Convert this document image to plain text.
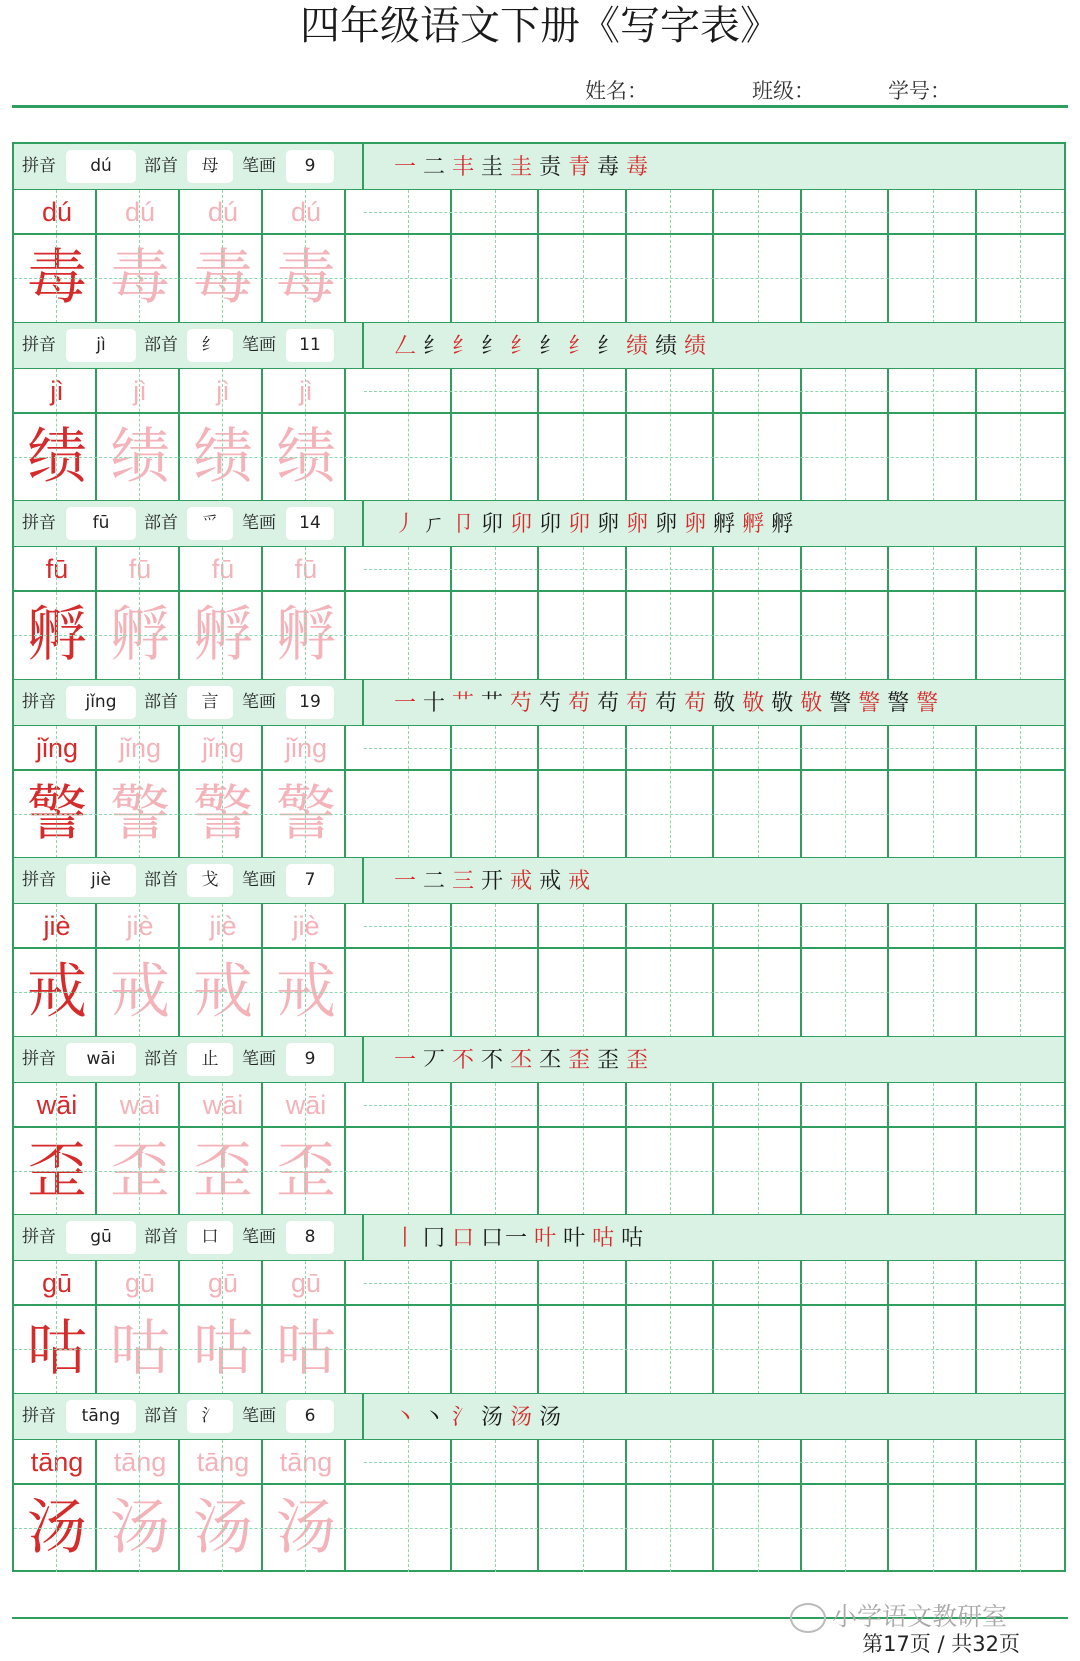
四年级语文下册《写字表》
姓名：	班级：	学号：
拼音	dú	部首	母	笔画	9	一 二 丰 圭 圭 责 青 毒 毒
dú	dú	dú	dú
毒 毒 毒 毒
拼音	jì	部首	纟	笔画	11	𠃋 纟 纟 纟 纟 纟 纟 纟 绩 绩 绩
jì	jì	jì	jì
绩 绩 绩 绩
拼音	fū	部首	爫	笔画	14	丿 ㄏ 卩 卯 卯 卯 卯 卵 卵 卵 卵 孵 孵 孵
fū	fū	fū	fū
孵 孵 孵 孵
拼音	jǐng	部首	言	笔画	19	一 十 艹 艹 芍 芍 苟 苟 苟 苟 苟 敬 敬 敬 敬 警 警 警 警
jǐng	jǐng	jǐng	jǐng
警 警 警 警
拼音	jiè	部首	戈	笔画	7	一 二 三 开 戒 戒 戒
jiè	jiè	jiè	jiè
戒 戒 戒 戒
拼音	wāi	部首	止	笔画	9	一 丆 不 不 丕 丕 歪 歪 歪
wāi	wāi	wāi	wāi
歪 歪 歪 歪
拼音	gū	部首	口	笔画	8	丨 冂 口 口一 叶 叶 咕 咕
gū	gū	gū	gū
咕 咕 咕 咕
拼音	tāng	部首	氵	笔画	6	丶 丶 氵 汤 汤 汤
tāng	tāng	tāng	tāng
汤 汤 汤 汤
小学语文教研室
第17页 / 共32页
